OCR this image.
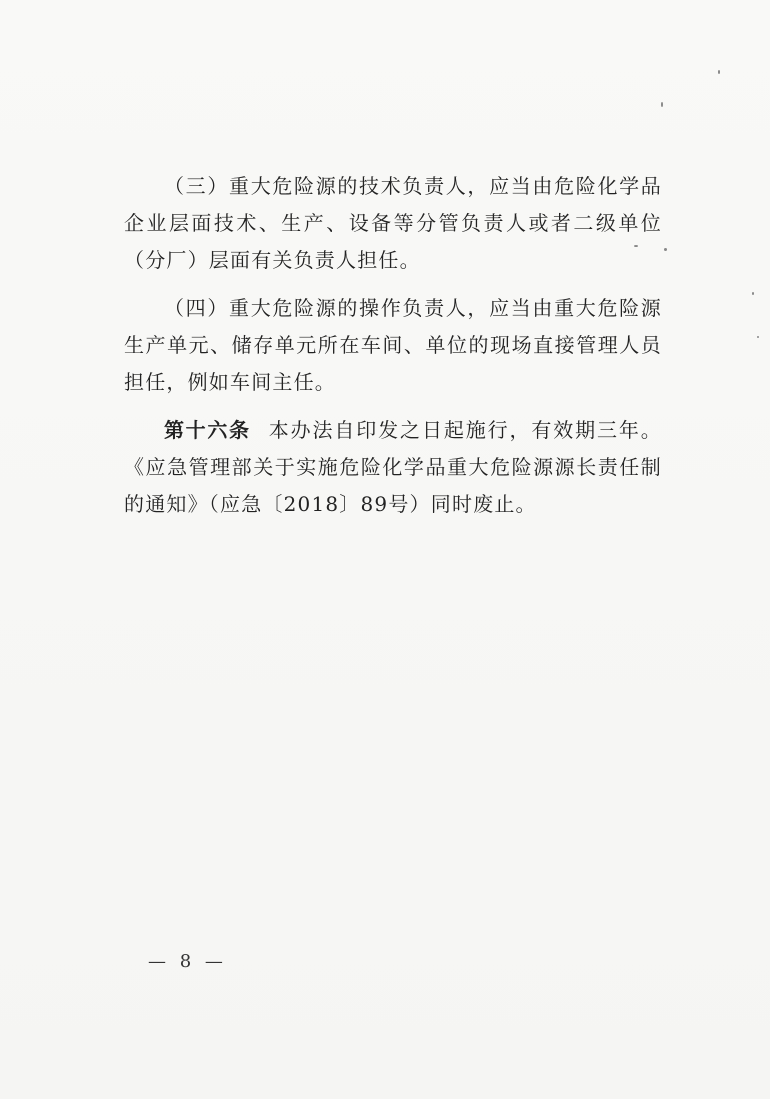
（三）重大危险源的技术负责人，应当由危险化学品企业层面技术、生产、设备等分管负责人或者二级单位（分厂）层面有关负责人担任。

（四）重大危险源的操作负责人，应当由重大危险源生产单元、储存单元所在车间、单位的现场直接管理人员担任，例如车间主任。

第十六条 本办法自印发之日起施行，有效期三年。《应急管理部关于实施危险化学品重大危险源源长责任制的通知》（应急〔2018〕89号）同时废止。

— 8 —
